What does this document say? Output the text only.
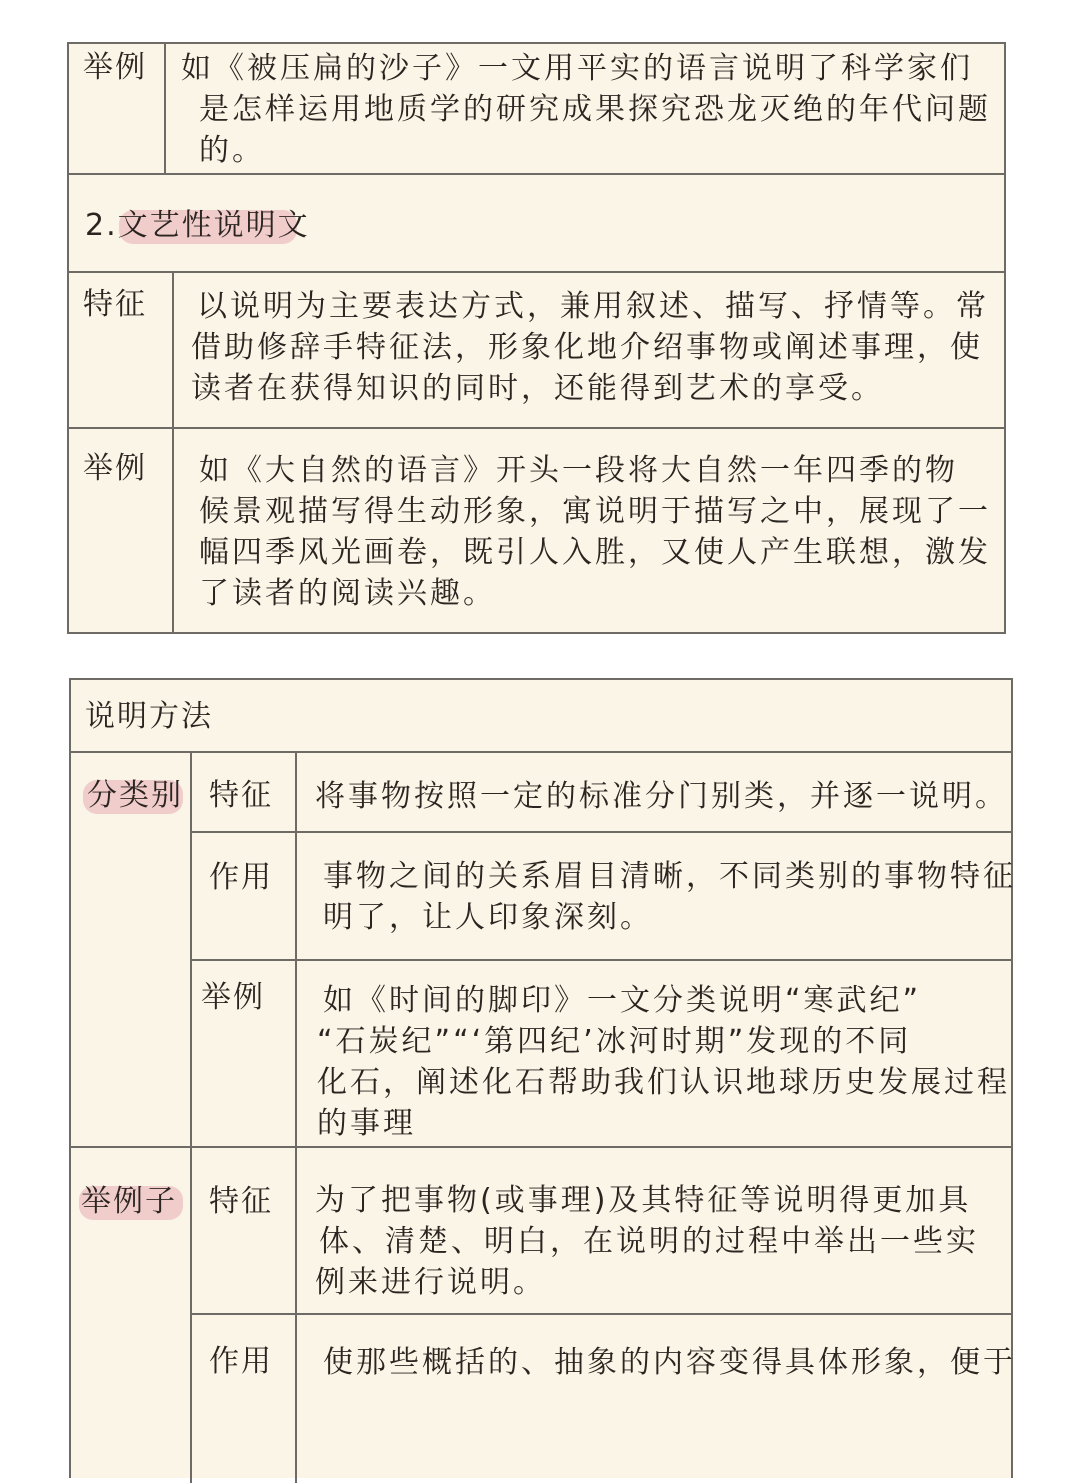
举例 如《被压扁的沙子》一文用平实的语言说明了科学家们
是怎样运用地质学的研究成果探究恐龙灭绝的年代问题
的。
2.文艺性说明文
特征 以说明为主要表达方式，兼用叙述、描写、抒情等。常
借助修辞手特征法，形象化地介绍事物或阐述事理，使
读者在获得知识的同时，还能得到艺术的享受。
举例 如《大自然的语言》开头一段将大自然一年四季的物
候景观描写得生动形象，寓说明于描写之中，展现了一
幅四季风光画卷，既引人入胜，又使人产生联想，激发
了读者的阅读兴趣。
说明方法
分类别 特征 将事物按照一定的标准分门别类，并逐一说明。
作用 事物之间的关系眉目清晰，不同类别的事物特征
明了，让人印象深刻。
举例 如《时间的脚印》一文分类说明“寒武纪”
“石炭纪”“‘第四纪’冰河时期”发现的不同
化石，阐述化石帮助我们认识地球历史发展过程
的事理
举例子 特征 为了把事物(或事理)及其特征等说明得更加具
体、清楚、明白，在说明的过程中举出一些实
例来进行说明。
作用 使那些概括的、抽象的内容变得具体形象，便于
